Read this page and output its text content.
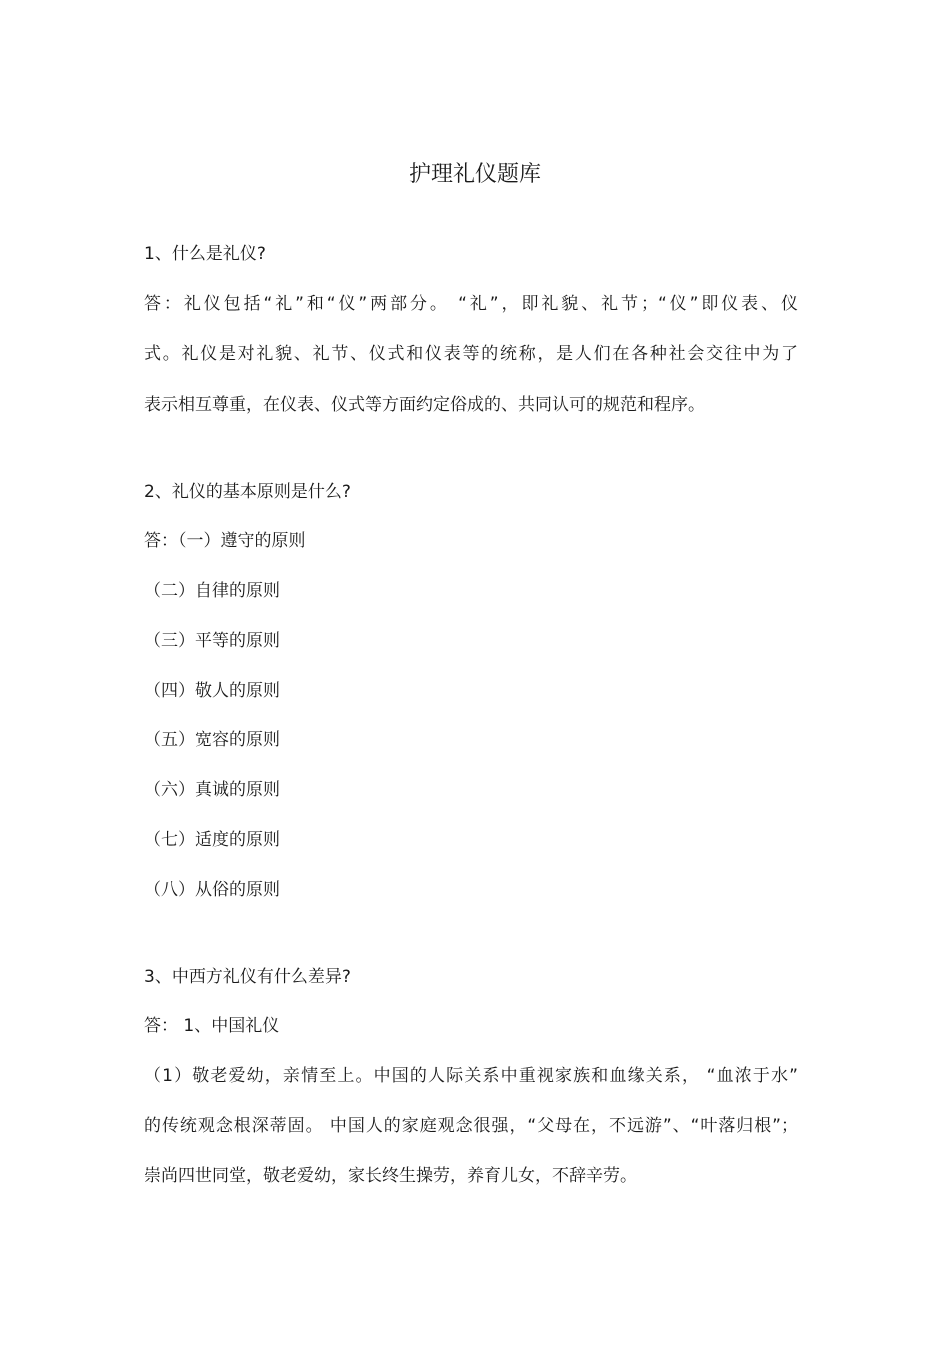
护理礼仪题库
1、什么是礼仪?
答：礼仪包括“礼”和“仪”两部分。 “礼”，即礼貌、礼节；“仪”即仪表、仪
式。礼仪是对礼貌、礼节、仪式和仪表等的统称，是人们在各种社会交往中为了
表示相互尊重，在仪表、仪式等方面约定俗成的、共同认可的规范和程序。
2、礼仪的基本原则是什么?
答：（一）遵守的原则
（二）自律的原则
（三）平等的原则
（四）敬人的原则
（五）宽容的原则
（六）真诚的原则
（七）适度的原则
（八）从俗的原则
3、中西方礼仪有什么差异?
答： 1、中国礼仪
（1）敬老爱幼，亲情至上。中国的人际关系中重视家族和血缘关系， “血浓于水”
的传统观念根深蒂固。 中国人的家庭观念很强，“父母在，不远游”、“叶落归根”；
崇尚四世同堂，敬老爱幼，家长终生操劳，养育儿女，不辞辛劳。
